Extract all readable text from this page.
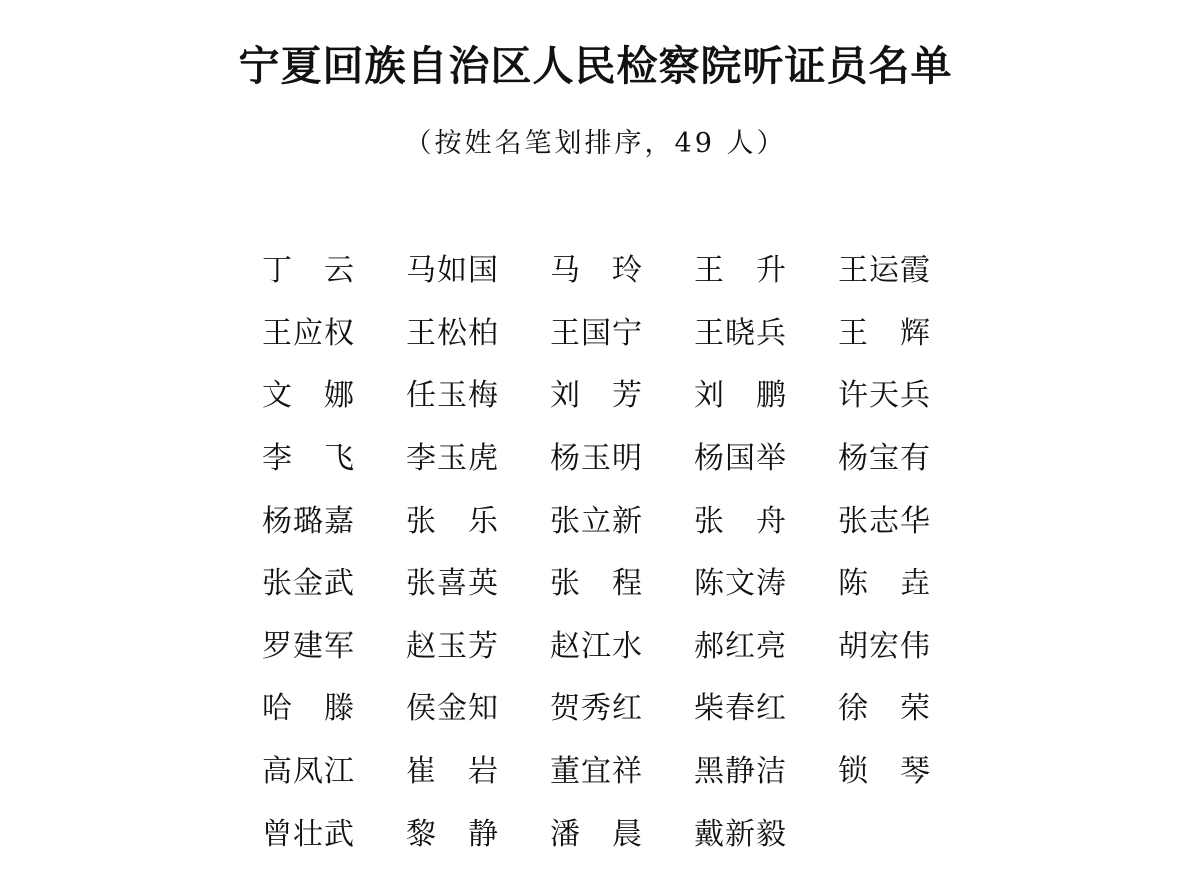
宁夏回族自治区人民检察院听证员名单

（按姓名笔划排序，49 人）

丁 云 马 如 国 马 玲 王 升 王 运 霞
王 应 权 王 松 柏 王 国 宁 王 晓 兵 王 辉
文 娜 任 玉 梅 刘 芳 刘 鹏 许 天 兵
李 飞 李 玉 虎 杨 玉 明 杨 国 举 杨 宝 有
杨 璐 嘉 张 乐 张 立 新 张 舟 张 志 华
张 金 武 张 喜 英 张 程 陈 文 涛 陈 垚
罗 建 军 赵 玉 芳 赵 江 水 郝 红 亮 胡 宏 伟
哈 滕 侯 金 知 贺 秀 红 柴 春 红 徐 荣
高 凤 江 崔 岩 董 宜 祥 黑 静 洁 锁 琴
曾 壮 武 黎 静 潘 晨 戴 新 毅
